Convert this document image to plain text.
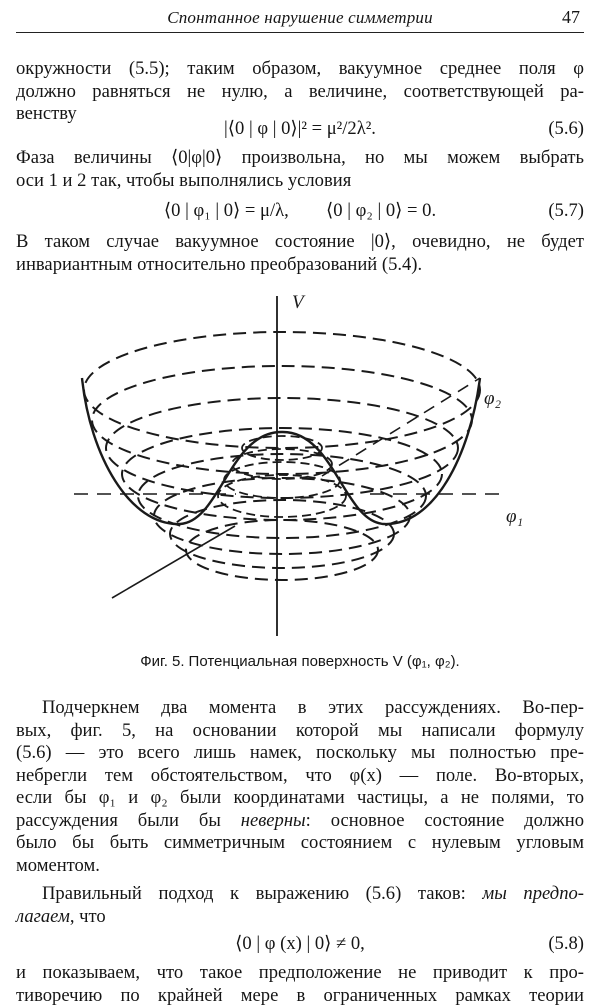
Спонтанное нарушение симметрии	47
окружности (5.5); таким образом, вакуумное среднее поля φ
должно равняться не нулю, а величине, соответствующей ра-
венству
|⟨0 | φ | 0⟩|² = μ²/2λ².	(5.6)
Фаза величины ⟨0|φ|0⟩ произвольна, но мы можем выбрать
оси 1 и 2 так, чтобы выполнялись условия
⟨0 | φ₁ | 0⟩ = μ/λ,        ⟨0 | φ₂ | 0⟩ = 0.	(5.7)
В таком случае вакуумное состояние |0⟩, очевидно, не будет
инвариантным относительно преобразований (5.4).
V
φ₂
φ₁
Фиг. 5. Потенциальная поверхность V (φ₁, φ₂).
Подчеркнем два момента в этих рассуждениях. Во-пер-
вых, фиг. 5, на основании которой мы написали формулу
(5.6) — это всего лишь намек, поскольку мы полностью пре-
небрегли тем обстоятельством, что φ(x) — поле. Во-вторых,
если бы φ₁ и φ₂ были координатами частицы, а не полями, то
рассуждения были бы неверны: основное состояние должно
было бы быть симметричным состоянием с нулевым угловым
моментом.
Правильный подход к выражению (5.6) таков: мы предпо-
лагаем, что
⟨0 | φ (x) | 0⟩ ≠ 0,	(5.8)
и показываем, что такое предположение не приводит к про-
тиворечию по крайней мере в ограниченных рамках теории
